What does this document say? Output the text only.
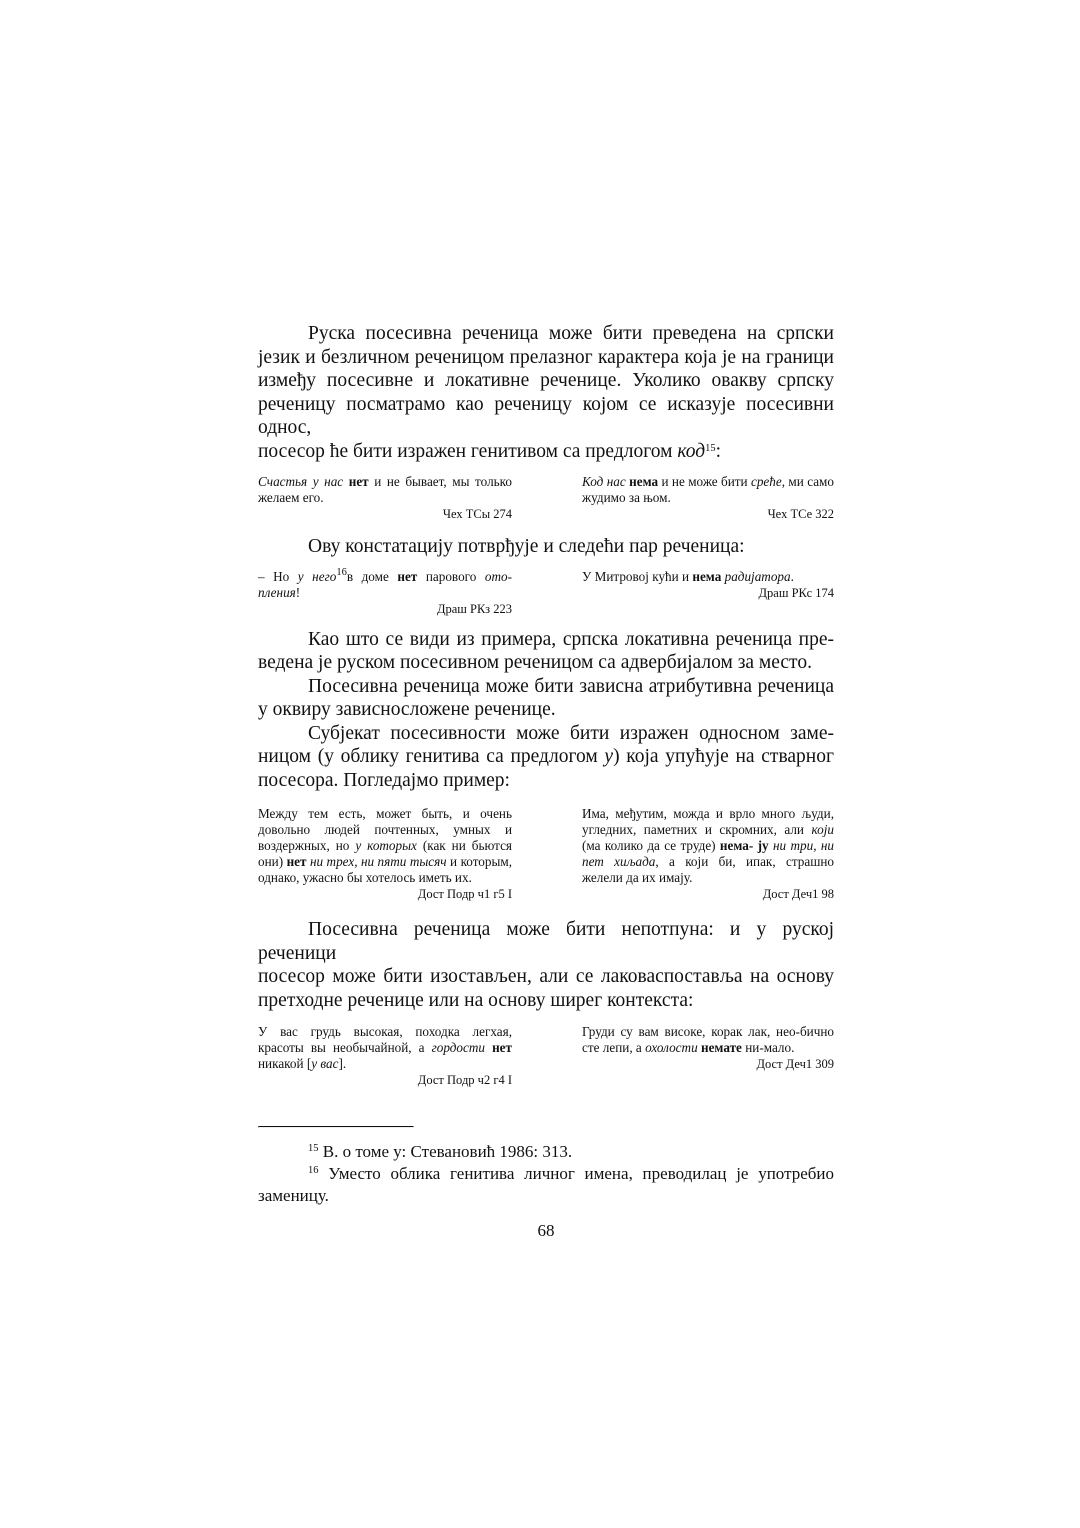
Руска посесивна реченица може бити преведена на српски

језик и безличном реченицом прелазног карактера која је на граници

између посесивне и локативне реченице. Уколико овакву српску

реченицу посматрамо као реченицу којом се исказује посесивни однос,

посесор ће бити изражен генитивом са предлогом код$^{15}$:

Счастья у нас нет и не бывает, мы только желаем его.
Чех ТСы 274
Код нас нема и не може бити среће, ми само жудимо за њом.
Чех ТСе 322

Ову констатацију потврђује и следећи пар реченица:

– Но у него$^{16}$в доме нет парового ото- пления!
Драш РКз 223
У Митровој кући и нема радијатора.
Драш РКс 174

Као што се види из примера, српска локативна реченица пре-

ведена је руском посесивном реченицом са адвербијалом за место.

Посесивна реченица може бити зависна атрибутивна реченица

у оквиру зависносложене реченице.

Субјекат посесивности може бити изражен односном заме-

ницом (у облику генитива са предлогом у) која упућује на стварног

посесора. Погледајмо пример:

Между тем есть, может быть, и очень довольно людей почтенных, умных и воздержных, но у которых (как ни бьются они) нет ни трех, ни пяти тысяч и которым, однако, ужасно бы хотелось иметь их.
Дост Подр ч1 г5 I
Има, међутим, можда и врло много људи, угледних, паметних и скромних, али који (ма колико да се труде) нема- ју ни три, ни пет хиљада, а који би, ипак, страшно желели да их имају.
Дост Деч1 98

Посесивна реченица може бити непотпуна: и у руској реченици

посесор може бити изостављен, али се лаковаспоставља на основу

претходне реченице или на основу ширег контекста:

У вас грудь высокая, походка легхая, красоты вы необычайной, а гордости нет никакой [у вас].
Дост Подр ч2 г4 I
Груди су вам високе, корак лак, нео-бично сте лепи, а охолости немате ни-мало.
Дост Деч1 309

$^{15}$ В. о томе у: Стевановић 1986: 313.

$^{16}$ Уместо облика генитива личног имена, преводилац је употребио заменицу.

68
